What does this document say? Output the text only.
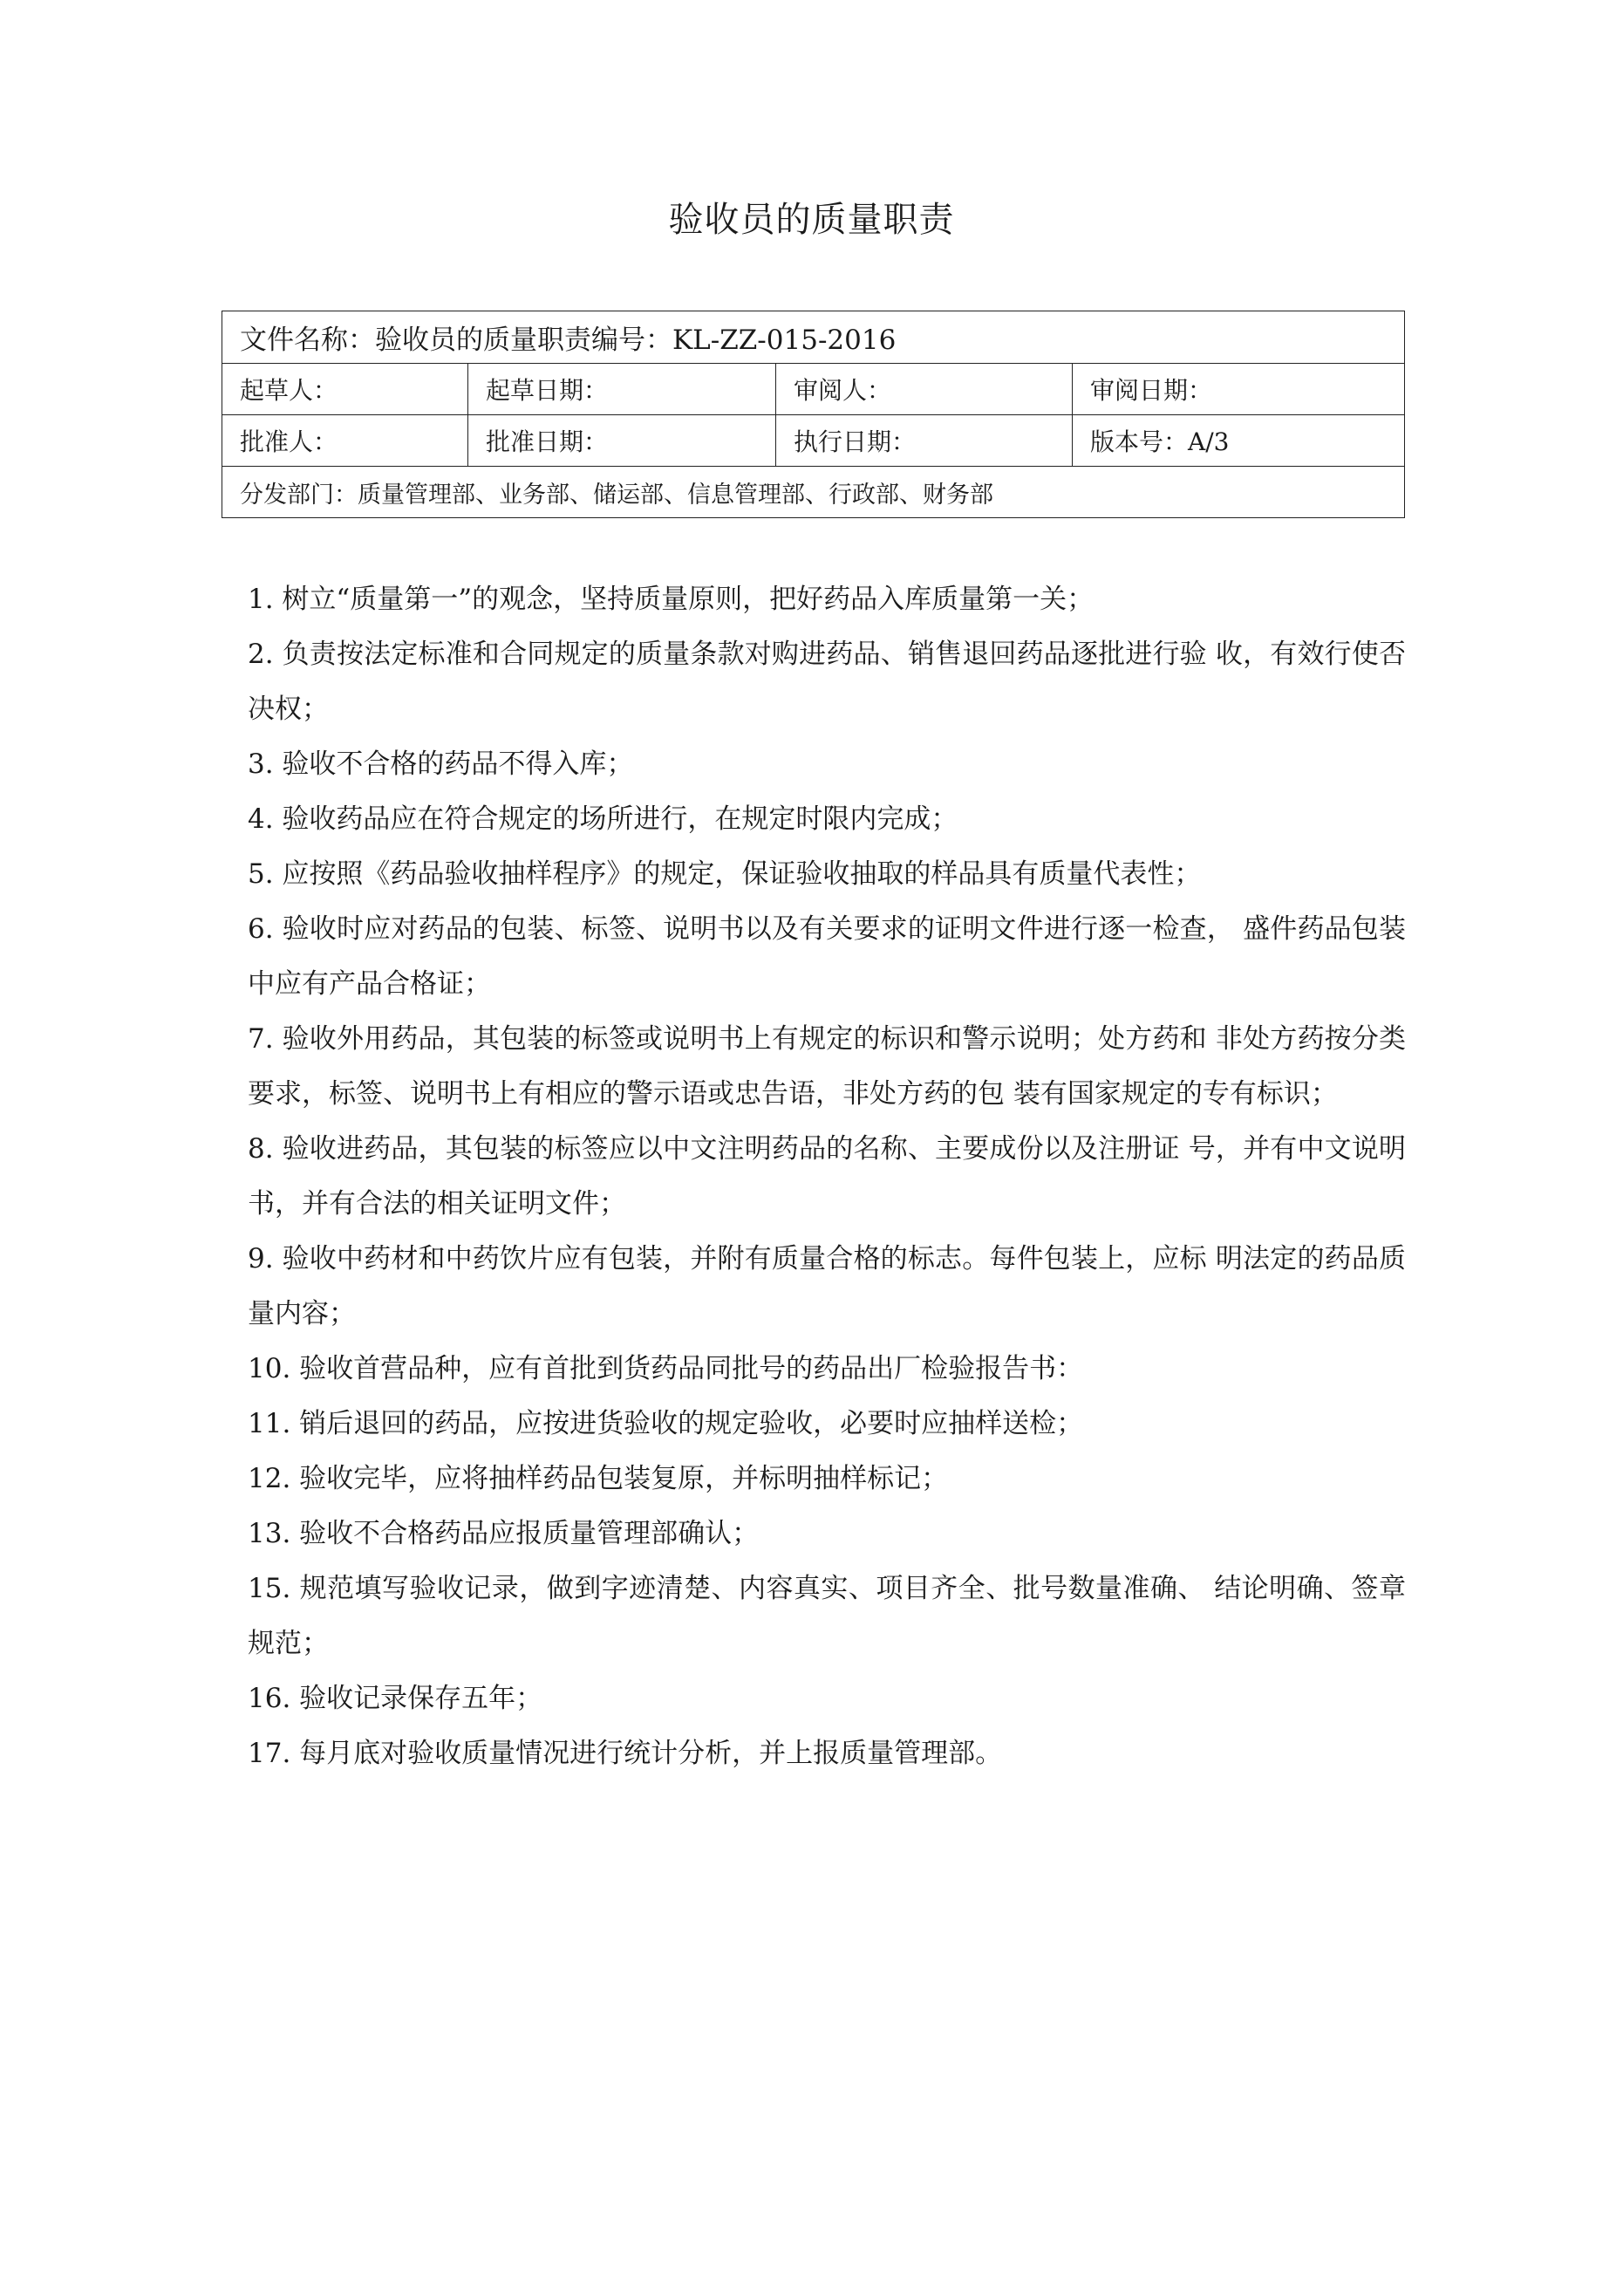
验收员的质量职责
文件名称：验收员的质量职责编号：KL-ZZ-015-2016			
起草人：	起草日期：	审阅人：	审阅日期：
批准人：	批准日期：	执行日期：	版本号：A/3
分发部门：质量管理部、业务部、储运部、信息管理部、行政部、财务部			

1. 树立“质量第一”的观念，坚持质量原则，把好药品入库质量第一关；

2. 负责按法定标准和合同规定的质量条款对购进药品、销售退回药品逐批进行验 收，有效行使否决权；

3. 验收不合格的药品不得入库；

4. 验收药品应在符合规定的场所进行，在规定时限内完成；

5. 应按照《药品验收抽样程序》的规定，保证验收抽取的样品具有质量代表性；

6. 验收时应对药品的包装、标签、说明书以及有关要求的证明文件进行逐一检查， 盛件药品包装中应有产品合格证；

7. 验收外用药品，其包装的标签或说明书上有规定的标识和警示说明；处方药和 非处方药按分类要求，标签、说明书上有相应的警示语或忠告语，非处方药的包 装有国家规定的专有标识；

8. 验收进药品，其包装的标签应以中文注明药品的名称、主要成份以及注册证 号，并有中文说明书，并有合法的相关证明文件；

9. 验收中药材和中药饮片应有包装，并附有质量合格的标志。每件包装上，应标 明法定的药品质量内容；

10. 验收首营品种，应有首批到货药品同批号的药品出厂检验报告书：

11. 销后退回的药品，应按进货验收的规定验收，必要时应抽样送检；

12. 验收完毕，应将抽样药品包装复原，并标明抽样标记；

13. 验收不合格药品应报质量管理部确认；

15. 规范填写验收记录，做到字迹清楚、内容真实、项目齐全、批号数量准确、 结论明确、签章规范；

16. 验收记录保存五年；

17. 每月底对验收质量情况进行统计分析，并上报质量管理部。
